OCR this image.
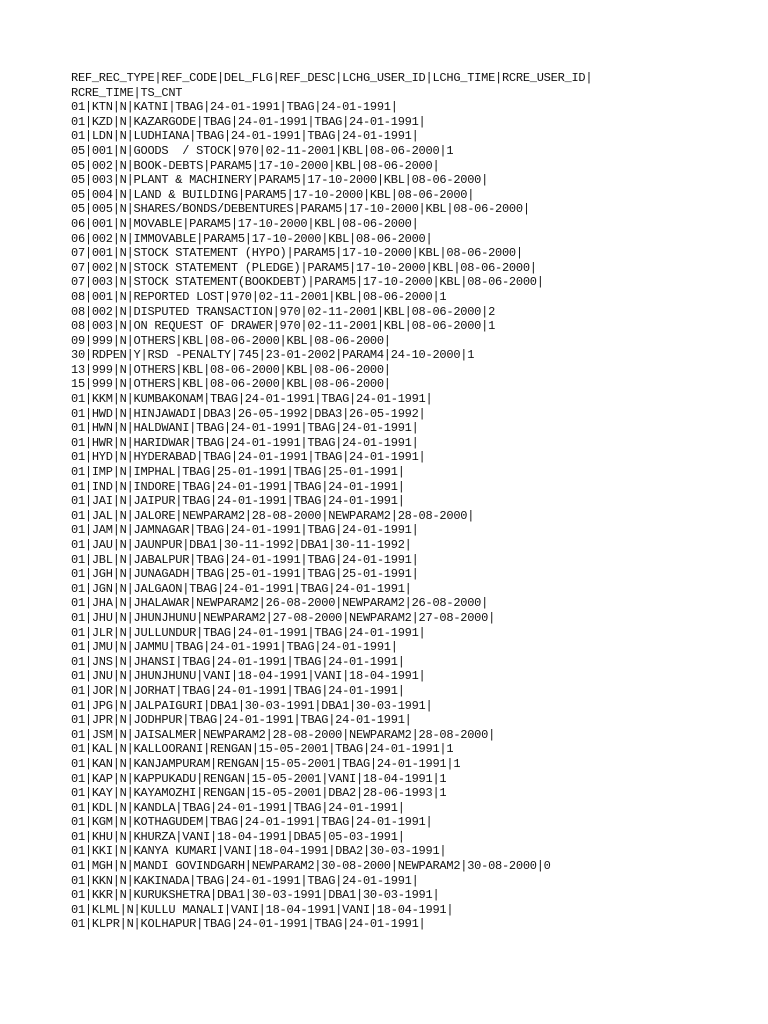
REF_REC_TYPE|REF_CODE|DEL_FLG|REF_DESC|LCHG_USER_ID|LCHG_TIME|RCRE_USER_ID|
RCRE_TIME|TS_CNT
01|KTN|N|KATNI|TBAG|24-01-1991|TBAG|24-01-1991|
01|KZD|N|KAZARGODE|TBAG|24-01-1991|TBAG|24-01-1991|
01|LDN|N|LUDHIANA|TBAG|24-01-1991|TBAG|24-01-1991|
05|001|N|GOODS  / STOCK|970|02-11-2001|KBL|08-06-2000|1
05|002|N|BOOK-DEBTS|PARAM5|17-10-2000|KBL|08-06-2000|
05|003|N|PLANT & MACHINERY|PARAM5|17-10-2000|KBL|08-06-2000|
05|004|N|LAND & BUILDING|PARAM5|17-10-2000|KBL|08-06-2000|
05|005|N|SHARES/BONDS/DEBENTURES|PARAM5|17-10-2000|KBL|08-06-2000|
06|001|N|MOVABLE|PARAM5|17-10-2000|KBL|08-06-2000|
06|002|N|IMMOVABLE|PARAM5|17-10-2000|KBL|08-06-2000|
07|001|N|STOCK STATEMENT (HYPO)|PARAM5|17-10-2000|KBL|08-06-2000|
07|002|N|STOCK STATEMENT (PLEDGE)|PARAM5|17-10-2000|KBL|08-06-2000|
07|003|N|STOCK STATEMENT(BOOKDEBT)|PARAM5|17-10-2000|KBL|08-06-2000|
08|001|N|REPORTED LOST|970|02-11-2001|KBL|08-06-2000|1
08|002|N|DISPUTED TRANSACTION|970|02-11-2001|KBL|08-06-2000|2
08|003|N|ON REQUEST OF DRAWER|970|02-11-2001|KBL|08-06-2000|1
09|999|N|OTHERS|KBL|08-06-2000|KBL|08-06-2000|
30|RDPEN|Y|RSD -PENALTY|745|23-01-2002|PARAM4|24-10-2000|1
13|999|N|OTHERS|KBL|08-06-2000|KBL|08-06-2000|
15|999|N|OTHERS|KBL|08-06-2000|KBL|08-06-2000|
01|KKM|N|KUMBAKONAM|TBAG|24-01-1991|TBAG|24-01-1991|
01|HWD|N|HINJAWADI|DBA3|26-05-1992|DBA3|26-05-1992|
01|HWN|N|HALDWANI|TBAG|24-01-1991|TBAG|24-01-1991|
01|HWR|N|HARIDWAR|TBAG|24-01-1991|TBAG|24-01-1991|
01|HYD|N|HYDERABAD|TBAG|24-01-1991|TBAG|24-01-1991|
01|IMP|N|IMPHAL|TBAG|25-01-1991|TBAG|25-01-1991|
01|IND|N|INDORE|TBAG|24-01-1991|TBAG|24-01-1991|
01|JAI|N|JAIPUR|TBAG|24-01-1991|TBAG|24-01-1991|
01|JAL|N|JALORE|NEWPARAM2|28-08-2000|NEWPARAM2|28-08-2000|
01|JAM|N|JAMNAGAR|TBAG|24-01-1991|TBAG|24-01-1991|
01|JAU|N|JAUNPUR|DBA1|30-11-1992|DBA1|30-11-1992|
01|JBL|N|JABALPUR|TBAG|24-01-1991|TBAG|24-01-1991|
01|JGH|N|JUNAGADH|TBAG|25-01-1991|TBAG|25-01-1991|
01|JGN|N|JALGAON|TBAG|24-01-1991|TBAG|24-01-1991|
01|JHA|N|JHALAWAR|NEWPARAM2|26-08-2000|NEWPARAM2|26-08-2000|
01|JHU|N|JHUNJHUNU|NEWPARAM2|27-08-2000|NEWPARAM2|27-08-2000|
01|JLR|N|JULLUNDUR|TBAG|24-01-1991|TBAG|24-01-1991|
01|JMU|N|JAMMU|TBAG|24-01-1991|TBAG|24-01-1991|
01|JNS|N|JHANSI|TBAG|24-01-1991|TBAG|24-01-1991|
01|JNU|N|JHUNJHUNU|VANI|18-04-1991|VANI|18-04-1991|
01|JOR|N|JORHAT|TBAG|24-01-1991|TBAG|24-01-1991|
01|JPG|N|JALPAIGURI|DBA1|30-03-1991|DBA1|30-03-1991|
01|JPR|N|JODHPUR|TBAG|24-01-1991|TBAG|24-01-1991|
01|JSM|N|JAISALMER|NEWPARAM2|28-08-2000|NEWPARAM2|28-08-2000|
01|KAL|N|KALLOORANI|RENGAN|15-05-2001|TBAG|24-01-1991|1
01|KAN|N|KANJAMPURAM|RENGAN|15-05-2001|TBAG|24-01-1991|1
01|KAP|N|KAPPUKADU|RENGAN|15-05-2001|VANI|18-04-1991|1
01|KAY|N|KAYAMOZHI|RENGAN|15-05-2001|DBA2|28-06-1993|1
01|KDL|N|KANDLA|TBAG|24-01-1991|TBAG|24-01-1991|
01|KGM|N|KOTHAGUDEM|TBAG|24-01-1991|TBAG|24-01-1991|
01|KHU|N|KHURZA|VANI|18-04-1991|DBA5|05-03-1991|
01|KKI|N|KANYA KUMARI|VANI|18-04-1991|DBA2|30-03-1991|
01|MGH|N|MANDI GOVINDGARH|NEWPARAM2|30-08-2000|NEWPARAM2|30-08-2000|0
01|KKN|N|KAKINADA|TBAG|24-01-1991|TBAG|24-01-1991|
01|KKR|N|KURUKSHETRA|DBA1|30-03-1991|DBA1|30-03-1991|
01|KLML|N|KULLU MANALI|VANI|18-04-1991|VANI|18-04-1991|
01|KLPR|N|KOLHAPUR|TBAG|24-01-1991|TBAG|24-01-1991|
